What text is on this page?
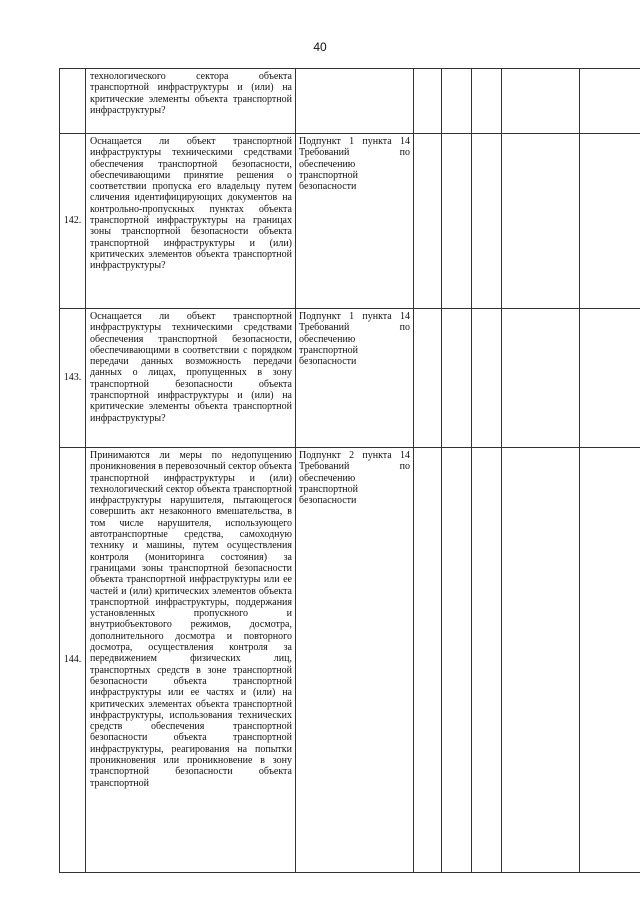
40
	технологического сектора объекта транспортной инфраструктуры и (или) на критические элементы объекта транспортной инфраструктуры?						
142.	Оснащается ли объект транспортной инфраструктуры техническими средствами обеспечения транспортной безопасности, обеспечивающими принятие решения о соответствии пропуска его владельцу путем сличения идентифицирующих документов на контрольно-пропускных пунктах объекта транспортной инфраструктуры на границах зоны транспортной безопасности объекта транспортной инфраструктуры и (или) критических элементов объекта транспортной инфраструктуры?	Подпункт 1 пункта 14 Требований по обеспечению транспортной безопасности					
143.	Оснащается ли объект транспортной инфраструктуры техническими средствами обеспечения транспортной безопасности, обеспечивающими в соответствии с порядком передачи данных возможность передачи данных о лицах, пропущенных в зону транспортной безопасности объекта транспортной инфраструктуры и (или) на критические элементы объекта транспортной инфраструктуры?	Подпункт 1 пункта 14 Требований по обеспечению транспортной безопасности					
144.	Принимаются ли меры по недопущению проникновения в перевозочный сектор объекта транспортной инфраструктуры и (или) технологический сектор объекта транспортной инфраструктуры нарушителя, пытающегося совершить акт незаконного вмешательства, в том числе нарушителя, использующего автотранспортные средства, самоходную технику и машины, путем осуществления контроля (мониторинга состояния) за границами зоны транспортной безопасности объекта транспортной инфраструктуры или ее частей и (или) критических элементов объекта транспортной инфраструктуры, поддержания установленных пропускного и внутриобъектового режимов, досмотра, дополнительного досмотра и повторного досмотра, осуществления контроля за передвижением физических лиц, транспортных средств в зоне транспортной безопасности объекта транспортной инфраструктуры или ее частях и (или) на критических элементах объекта транспортной инфраструктуры, использования технических средств обеспечения транспортной безопасности объекта транспортной инфраструктуры, реагирования на попытки проникновения или проникновение в зону транспортной безопасности объекта транспортной	Подпункт 2 пункта 14 Требований по обеспечению транспортной безопасности					
